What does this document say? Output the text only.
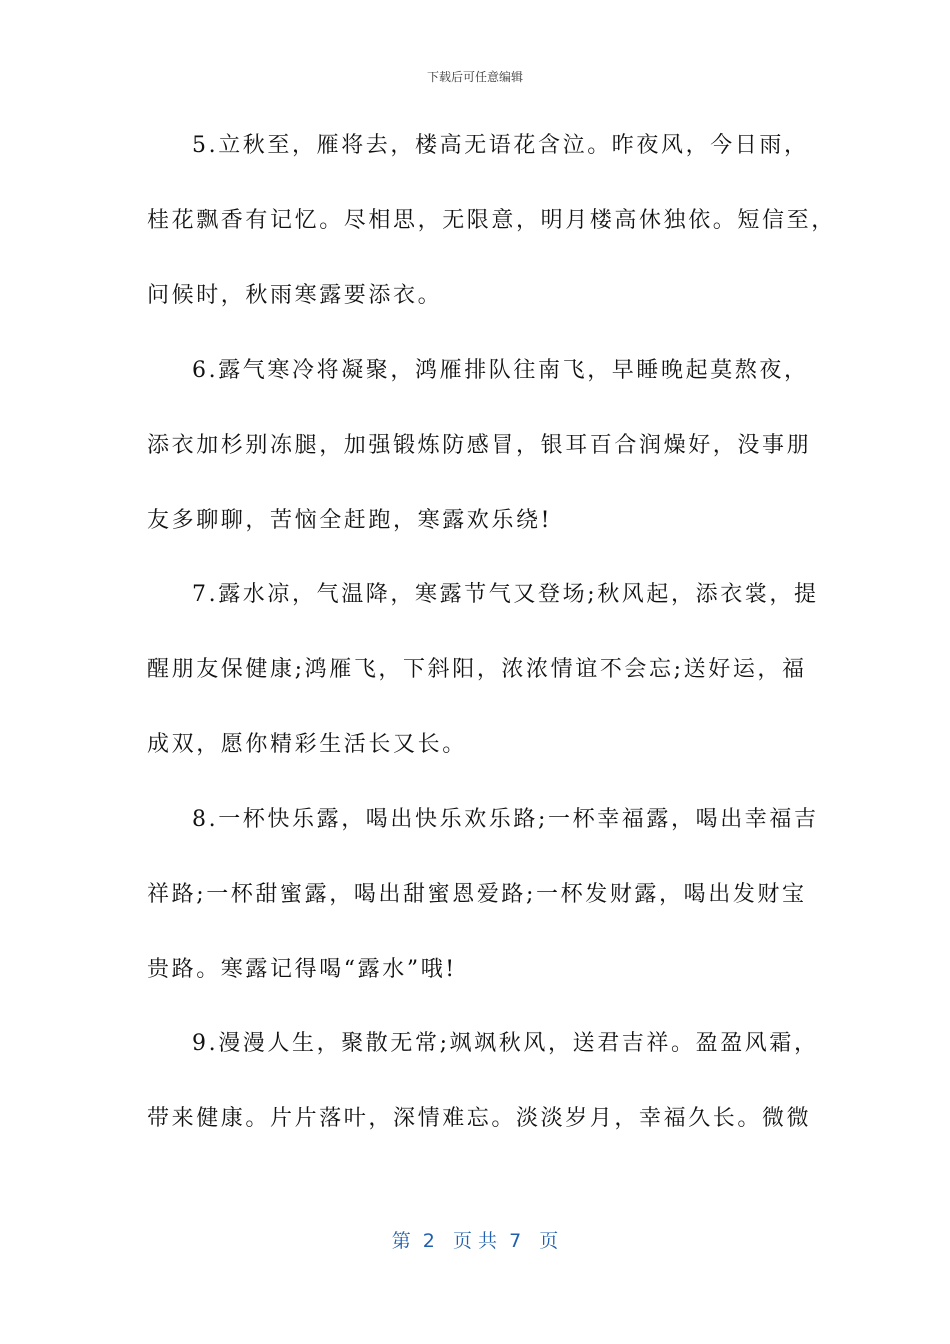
下载后可任意编辑
5.立秋至，雁将去，楼高无语花含泣。昨夜风，今日雨，
桂花飘香有记忆。尽相思，无限意，明月楼高休独依。短信至，
问候时，秋雨寒露要添衣。
6.露气寒冷将凝聚，鸿雁排队往南飞，早睡晚起莫熬夜，
添衣加杉别冻腿，加强锻炼防感冒，银耳百合润燥好，没事朋
友多聊聊，苦恼全赶跑，寒露欢乐绕!
7.露水凉，气温降，寒露节气又登场;秋风起，添衣裳，提
醒朋友保健康;鸿雁飞，下斜阳，浓浓情谊不会忘;送好运，福
成双，愿你精彩生活长又长。
8.一杯快乐露，喝出快乐欢乐路;一杯幸福露，喝出幸福吉
祥路;一杯甜蜜露，喝出甜蜜恩爱路;一杯发财露，喝出发财宝
贵路。寒露记得喝“露水”哦!
9.漫漫人生，聚散无常;飒飒秋风，送君吉祥。盈盈风霜，
带来健康。片片落叶，深情难忘。淡淡岁月，幸福久长。微微
第  2   页 共  7   页
